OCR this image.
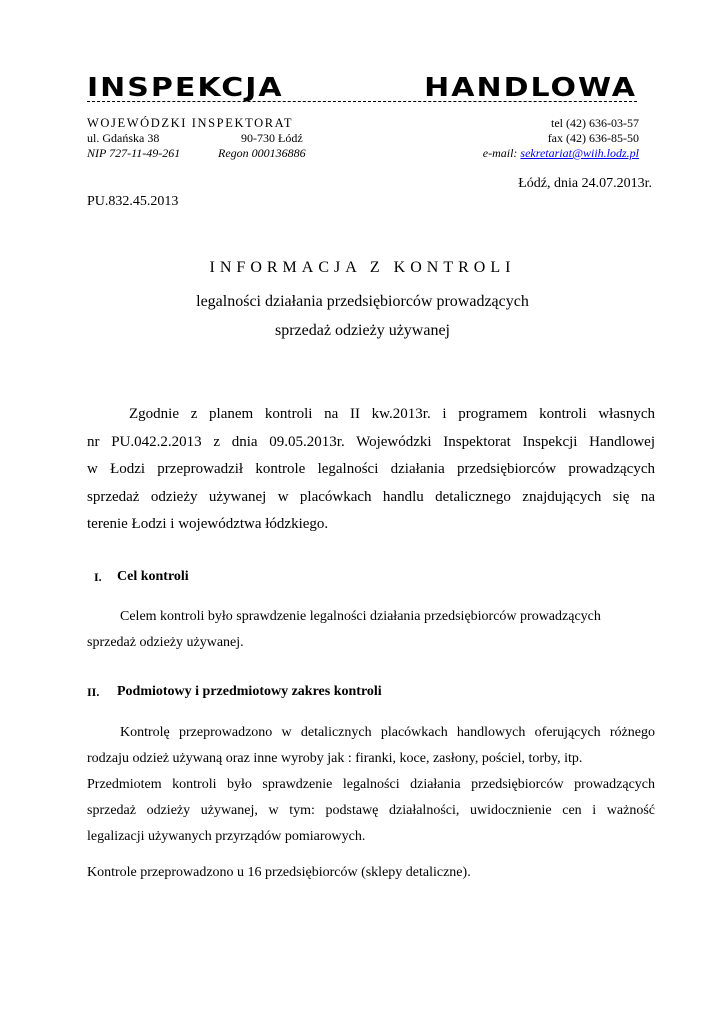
INSPEKCJA	HANDLOWA
WOJEWÓDZKI INSPEKTORAT
ul. Gdańska 38	90-730 Łódź
NIP 727-11-49-261	Regon 000136886
tel (42) 636-03-57
fax (42) 636-85-50
e-mail: sekretariat@wiih.lodz.pl
Łódź, dnia 24.07.2013r.
PU.832.45.2013
INFORMACJA Z KONTROLI
legalności działania przedsiębiorców prowadzących
sprzedaż odzieży używanej

Zgodnie z planem kontroli na II kw.2013r. i programem kontroli własnych

nr PU.042.2.2013 z dnia 09.05.2013r. Wojewódzki Inspektorat Inspekcji Handlowej

w Łodzi przeprowadził kontrole legalności działania przedsiębiorców prowadzących

sprzedaż odzieży używanej w placówkach handlu detalicznego znajdujących się na

terenie Łodzi i województwa łódzkiego.

I. Cel kontroli

Celem kontroli było sprawdzenie legalności działania przedsiębiorców prowadzących

sprzedaż odzieży używanej.

II. Podmiotowy i przedmiotowy zakres kontroli

Kontrolę przeprowadzono w detalicznych placówkach handlowych oferujących różnego

rodzaju odzież używaną oraz inne wyroby jak : firanki, koce, zasłony, pościel, torby, itp.

Przedmiotem kontroli było sprawdzenie legalności działania przedsiębiorców prowadzących

sprzedaż odzieży używanej, w tym: podstawę działalności, uwidocznienie cen i ważność

legalizacji używanych przyrządów pomiarowych.

Kontrole przeprowadzono u 16 przedsiębiorców (sklepy detaliczne).
